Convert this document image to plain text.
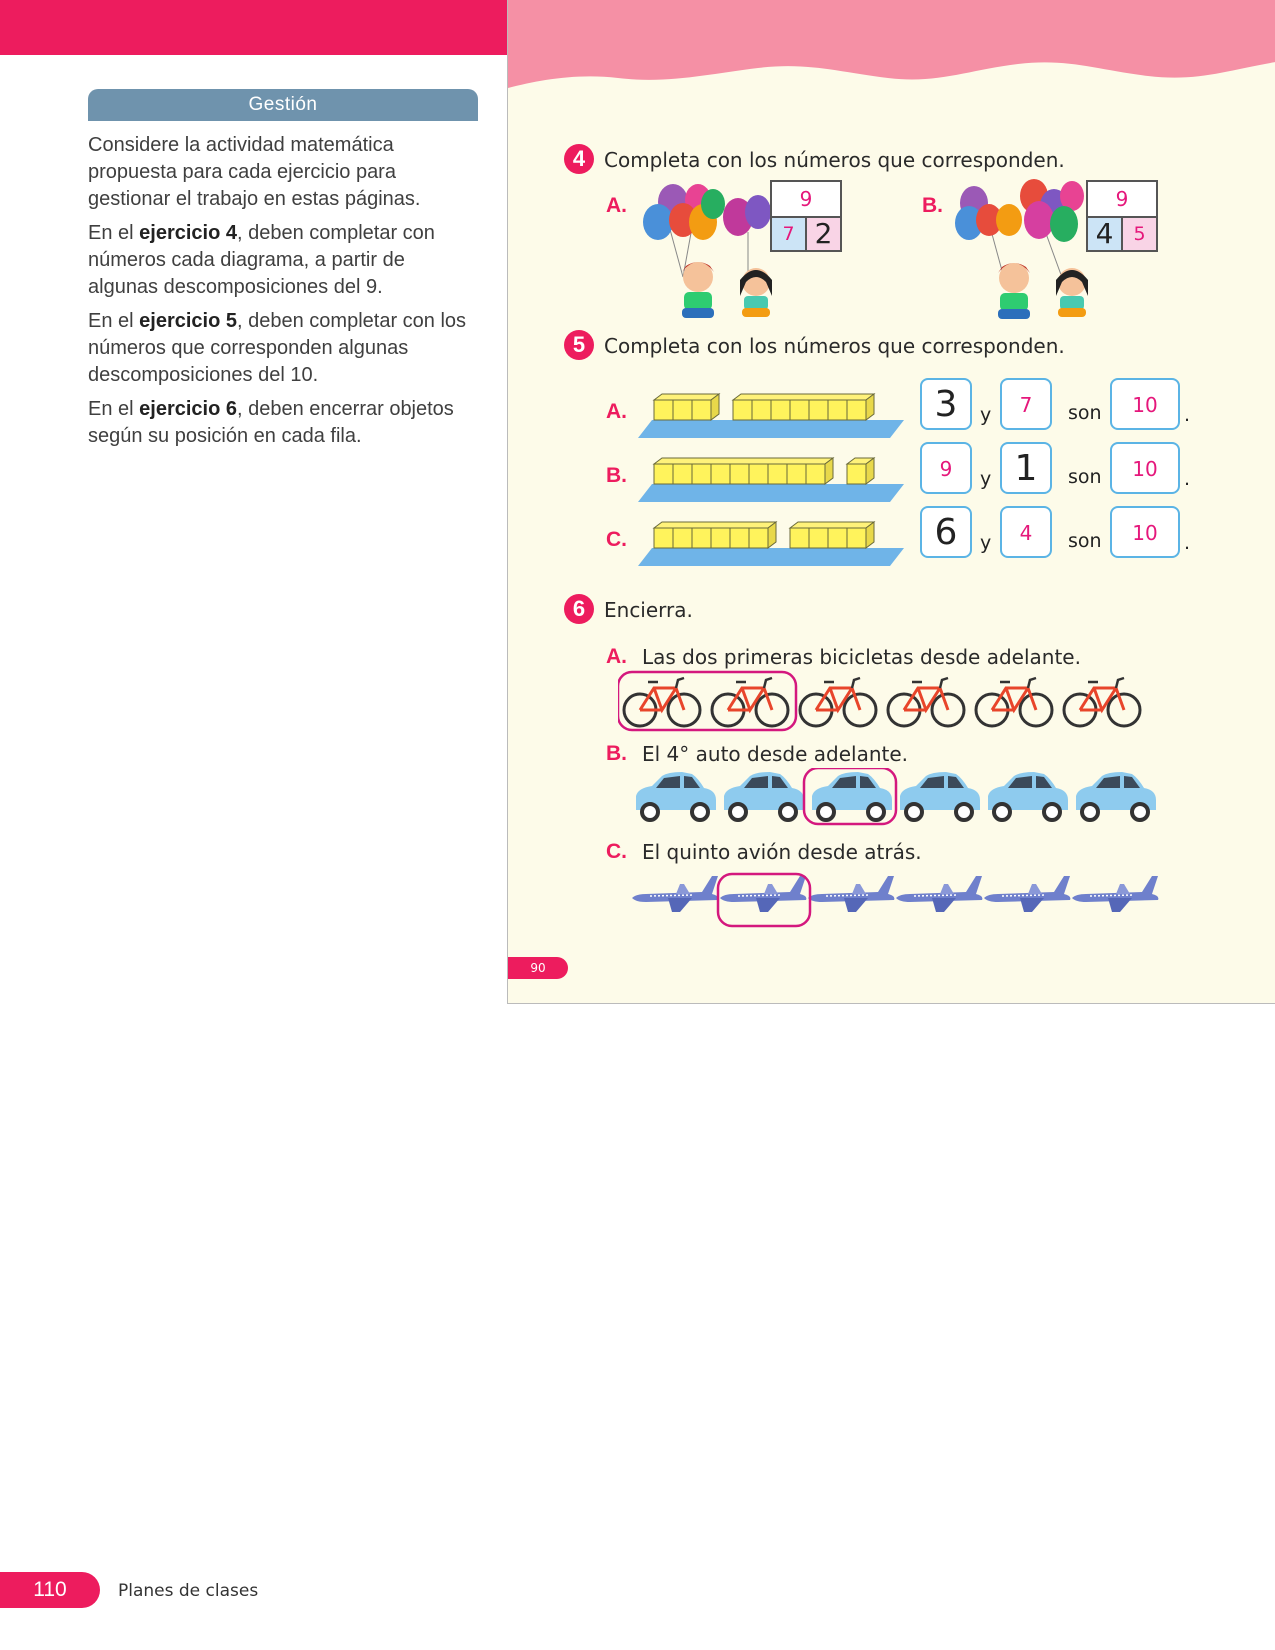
Gestión

Considere la actividad matemática propuesta para cada ejercicio para gestionar el trabajo en estas páginas.

En el ejercicio 4, deben completar con números cada diagrama, a partir de algunas descomposiciones del 9.

En el ejercicio 5, deben completar con los números que corresponden algunas descomposiciones del 10.

En el ejercicio 6, deben encerrar objetos según su posición en cada fila.

4 Completa con los números que corresponden.
A.	9
7 2
B.	9
4	5
5 Completa con los números que corresponden.
A.	3	y	7	son	10	.
B.	9	y 1	son	10	.
C.	6	y	4	son	10	.
6 Encierra.
A. Las dos primeras bicicletas desde adelante.
B. El 4° auto desde adelante.
C. El quinto avión desde atrás.
90
110	Planes de clases
